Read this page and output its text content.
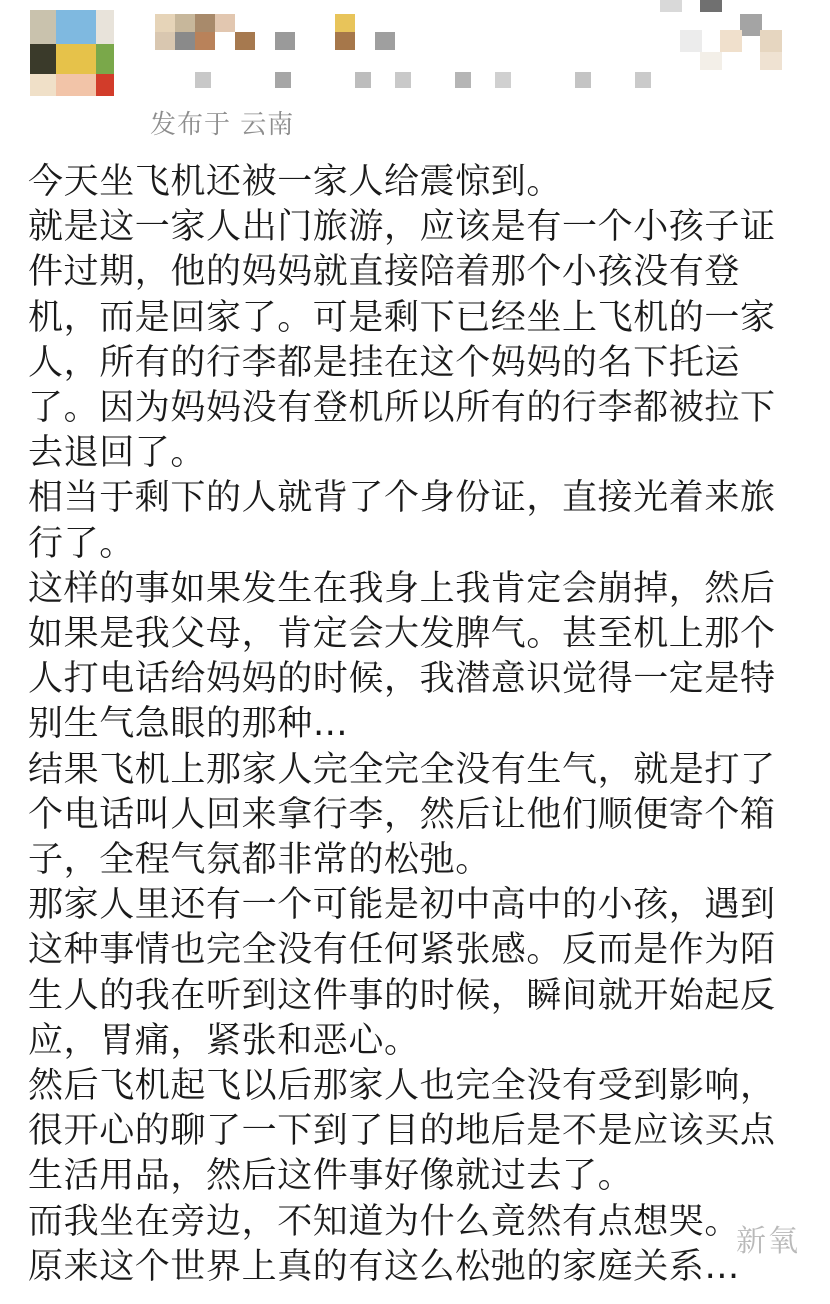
发布于 云南

今天坐飞机还被一家人给震惊到。

就是这一家人出门旅游，应该是有一个小孩子证件过期，他的妈妈就直接陪着那个小孩没有登机，而是回家了。可是剩下已经坐上飞机的一家人，所有的行李都是挂在这个妈妈的名下托运了。因为妈妈没有登机所以所有的行李都被拉下去退回了。

相当于剩下的人就背了个身份证，直接光着来旅行了。

这样的事如果发生在我身上我肯定会崩掉，然后如果是我父母，肯定会大发脾气。甚至机上那个人打电话给妈妈的时候，我潜意识觉得一定是特别生气急眼的那种…

结果飞机上那家人完全完全没有生气，就是打了个电话叫人回来拿行李，然后让他们顺便寄个箱子，全程气氛都非常的松弛。

那家人里还有一个可能是初中高中的小孩，遇到这种事情也完全没有任何紧张感。反而是作为陌生人的我在听到这件事的时候，瞬间就开始起反应，胃痛，紧张和恶心。

然后飞机起飞以后那家人也完全没有受到影响，很开心的聊了一下到了目的地后是不是应该买点生活用品，然后这件事好像就过去了。

而我坐在旁边，不知道为什么竟然有点想哭。

原来这个世界上真的有这么松弛的家庭关系…

新氧
